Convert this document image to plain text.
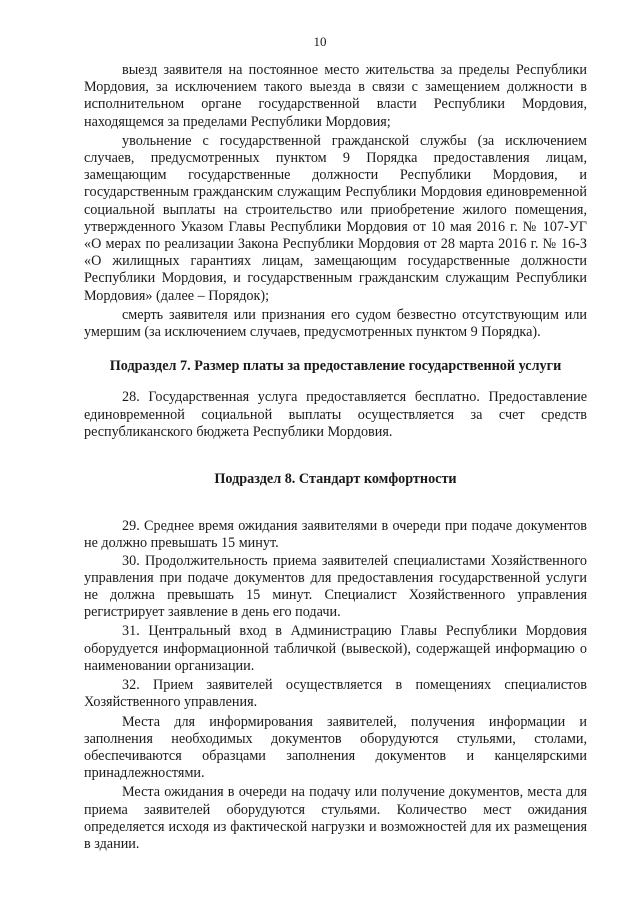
10

выезд заявителя на постоянное место жительства за пределы Республики Мордовия, за исключением такого выезда в связи с замещением должности в исполнительном органе государственной власти Республики Мордовия, находящемся за пределами Республики Мордовия;

увольнение с государственной гражданской службы (за исключением случаев, предусмотренных пунктом 9 Порядка предоставления лицам, замещающим государственные должности Республики Мордовия, и государственным гражданским служащим Республики Мордовия единовременной социальной выплаты на строительство или приобретение жилого помещения, утвержденного Указом Главы Республики Мордовия от 10 мая 2016 г. № 107-УГ «О мерах по реализации Закона Республики Мордовия от 28 марта 2016 г. № 16-З «О жилищных гарантиях лицам, замещающим государственные должности Республики Мордовия, и государственным гражданским служащим Республики Мордовия» (далее – Порядок);

смерть заявителя или признания его судом безвестно отсутствующим или умершим (за исключением случаев, предусмотренных пунктом 9 Порядка).

Подраздел 7. Размер платы за предоставление государственной услуги

28. Государственная услуга предоставляется бесплатно. Предоставление единовременной социальной выплаты осуществляется за счет средств республиканского бюджета Республики Мордовия.

Подраздел 8. Стандарт комфортности

29. Среднее время ожидания заявителями в очереди при подаче документов не должно превышать 15 минут.

30. Продолжительность приема заявителей специалистами Хозяйственного управления при подаче документов для предоставления государственной услуги не должна превышать 15 минут. Специалист Хозяйственного управления регистрирует заявление в день его подачи.

31. Центральный вход в Администрацию Главы Республики Мордовия оборудуется информационной табличкой (вывеской), содержащей информацию о наименовании организации.

32. Прием заявителей осуществляется в помещениях специалистов Хозяйственного управления.

Места для информирования заявителей, получения информации и заполнения необходимых документов оборудуются стульями, столами, обеспечиваются образцами заполнения документов и канцелярскими принадлежностями.

Места ожидания в очереди на подачу или получение документов, места для приема заявителей оборудуются стульями. Количество мест ожидания определяется исходя из фактической нагрузки и возможностей для их размещения в здании.
